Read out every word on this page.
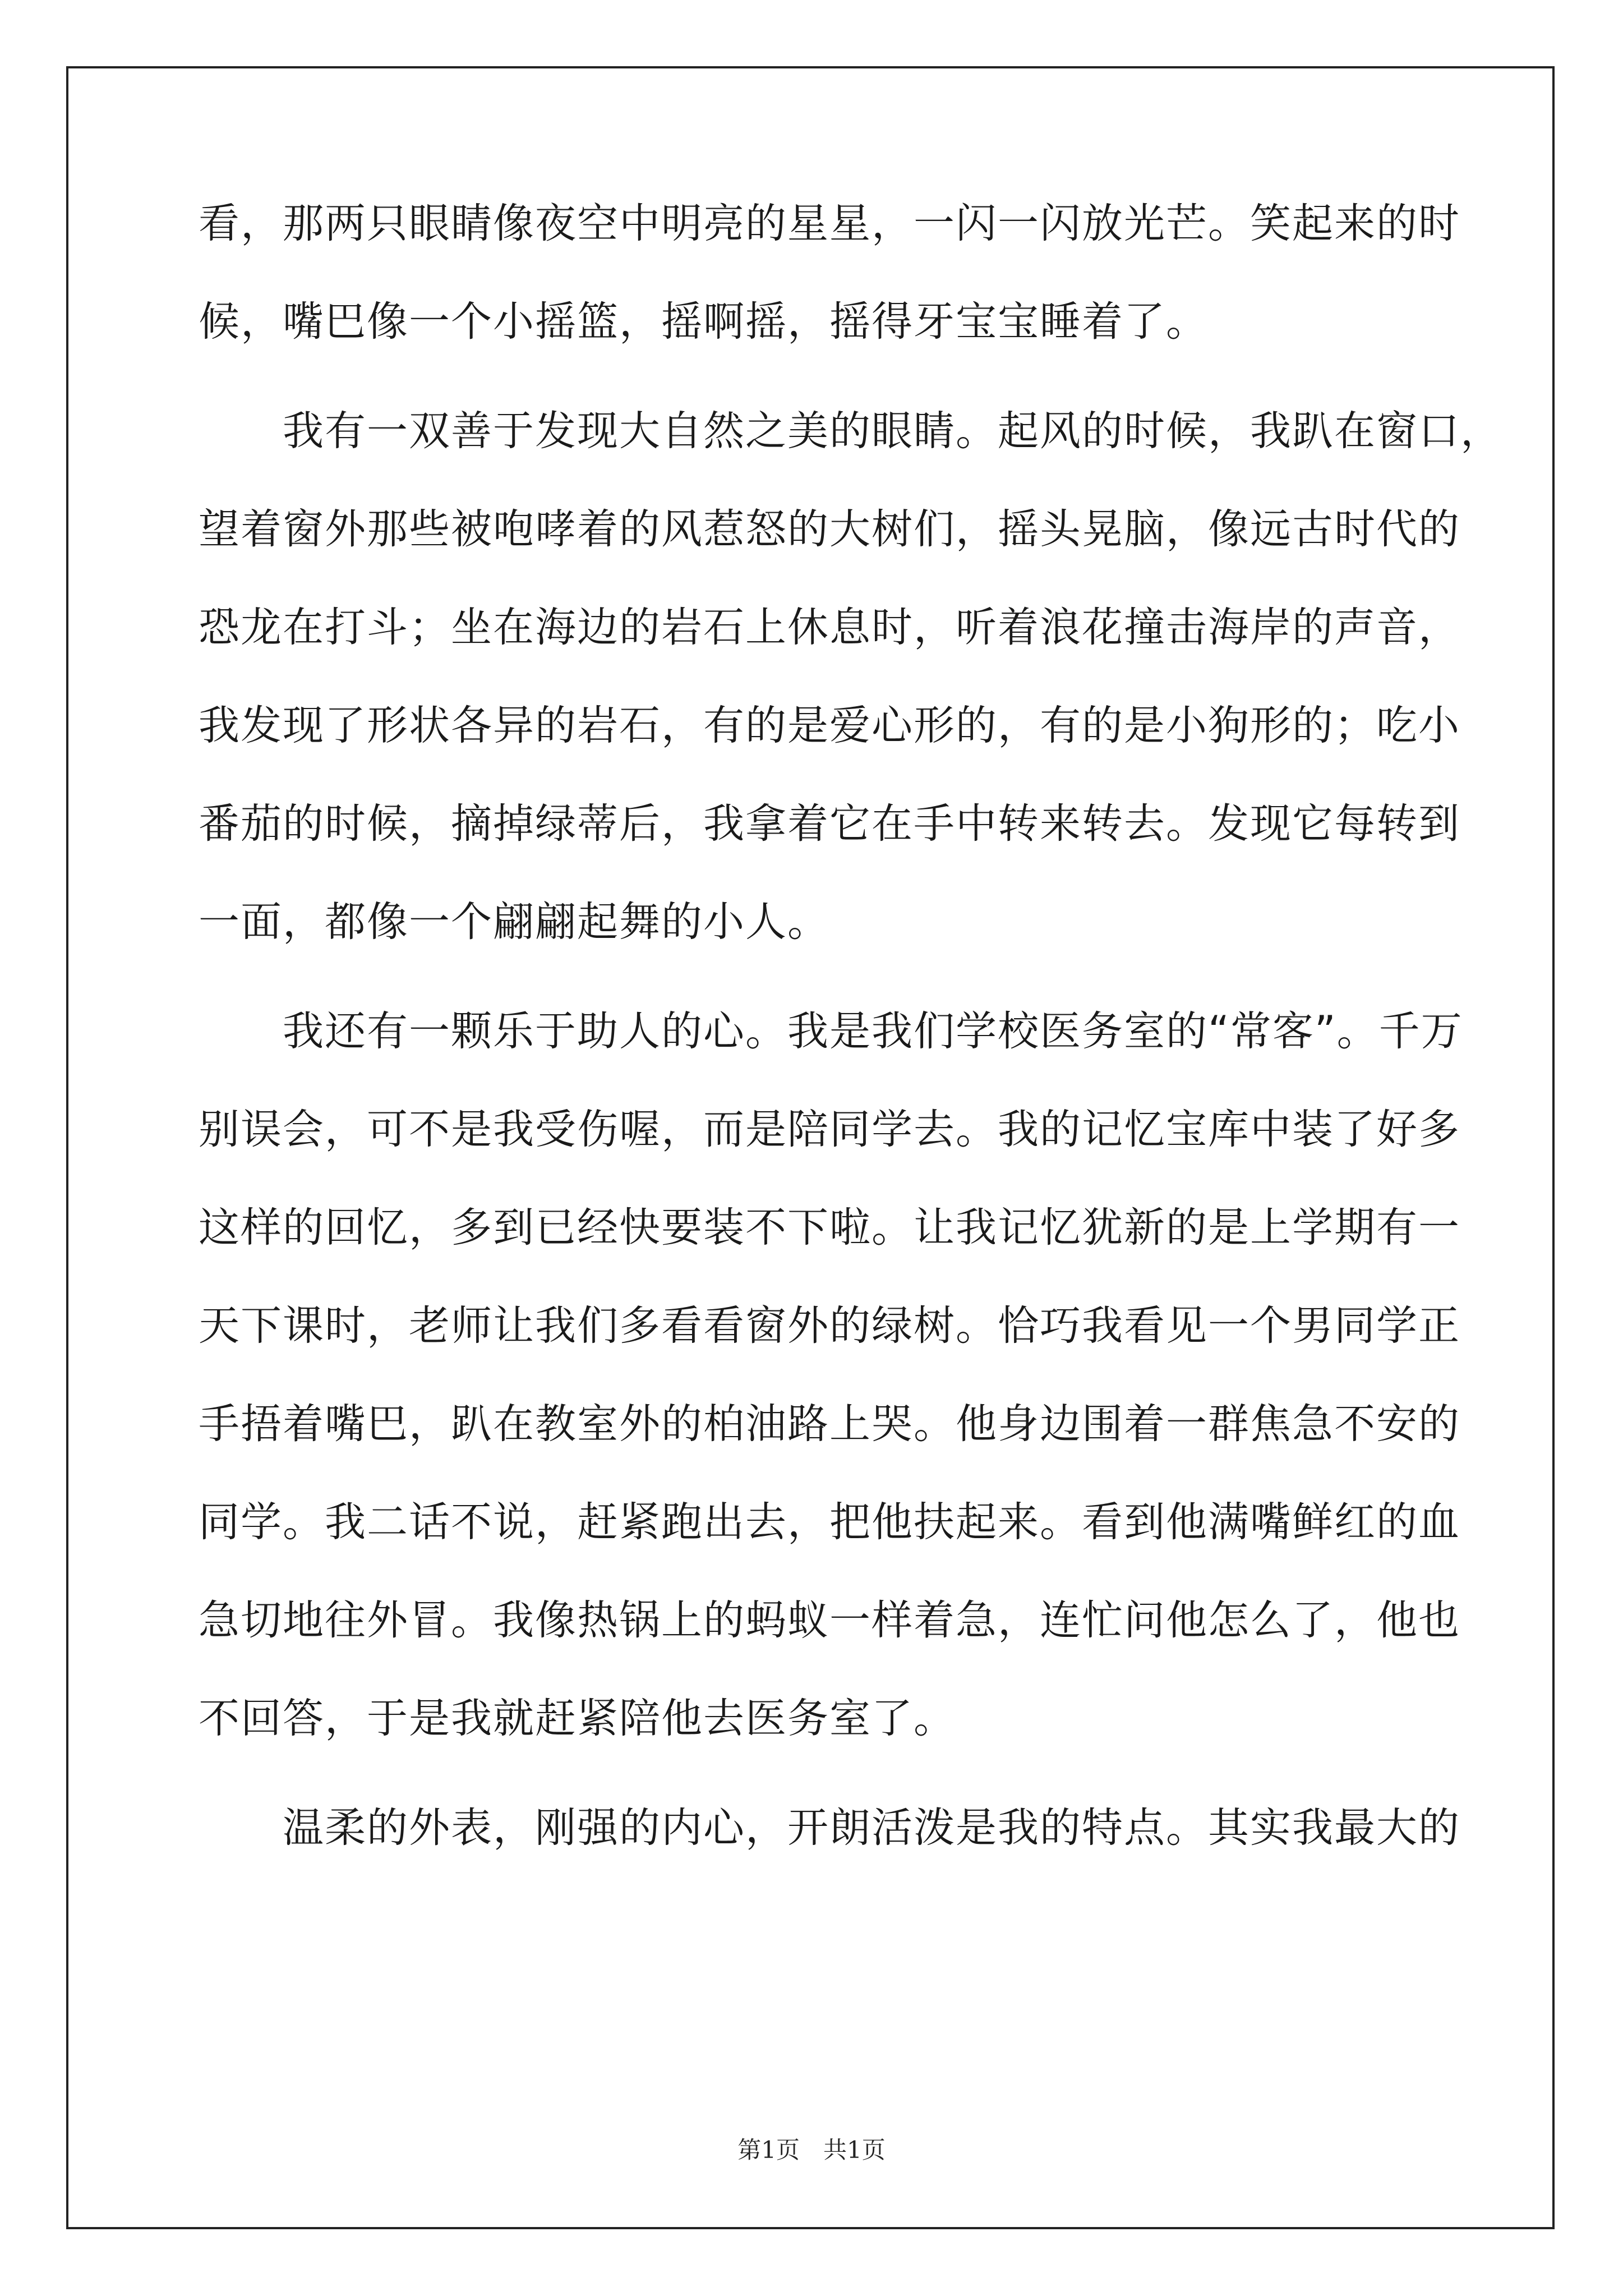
看，那两只眼睛像夜空中明亮的星星，一闪一闪放光芒。笑起来的时
候，嘴巴像一个小摇篮，摇啊摇，摇得牙宝宝睡着了。
　　我有一双善于发现大自然之美的眼睛。起风的时候，我趴在窗口，
望着窗外那些被咆哮着的风惹怒的大树们，摇头晃脑，像远古时代的
恐龙在打斗；坐在海边的岩石上休息时，听着浪花撞击海岸的声音，
我发现了形状各异的岩石，有的是爱心形的，有的是小狗形的；吃小
番茄的时候，摘掉绿蒂后，我拿着它在手中转来转去。发现它每转到
一面，都像一个翩翩起舞的小人。
　　我还有一颗乐于助人的心。我是我们学校医务室的“常客”。千万
别误会，可不是我受伤喔，而是陪同学去。我的记忆宝库中装了好多
这样的回忆，多到已经快要装不下啦。让我记忆犹新的是上学期有一
天下课时，老师让我们多看看窗外的绿树。恰巧我看见一个男同学正
手捂着嘴巴，趴在教室外的柏油路上哭。他身边围着一群焦急不安的
同学。我二话不说，赶紧跑出去，把他扶起来。看到他满嘴鲜红的血
急切地往外冒。我像热锅上的蚂蚁一样着急，连忙问他怎么了，他也
不回答，于是我就赶紧陪他去医务室了。
　　温柔的外表，刚强的内心，开朗活泼是我的特点。其实我最大的
第1页　共1页
